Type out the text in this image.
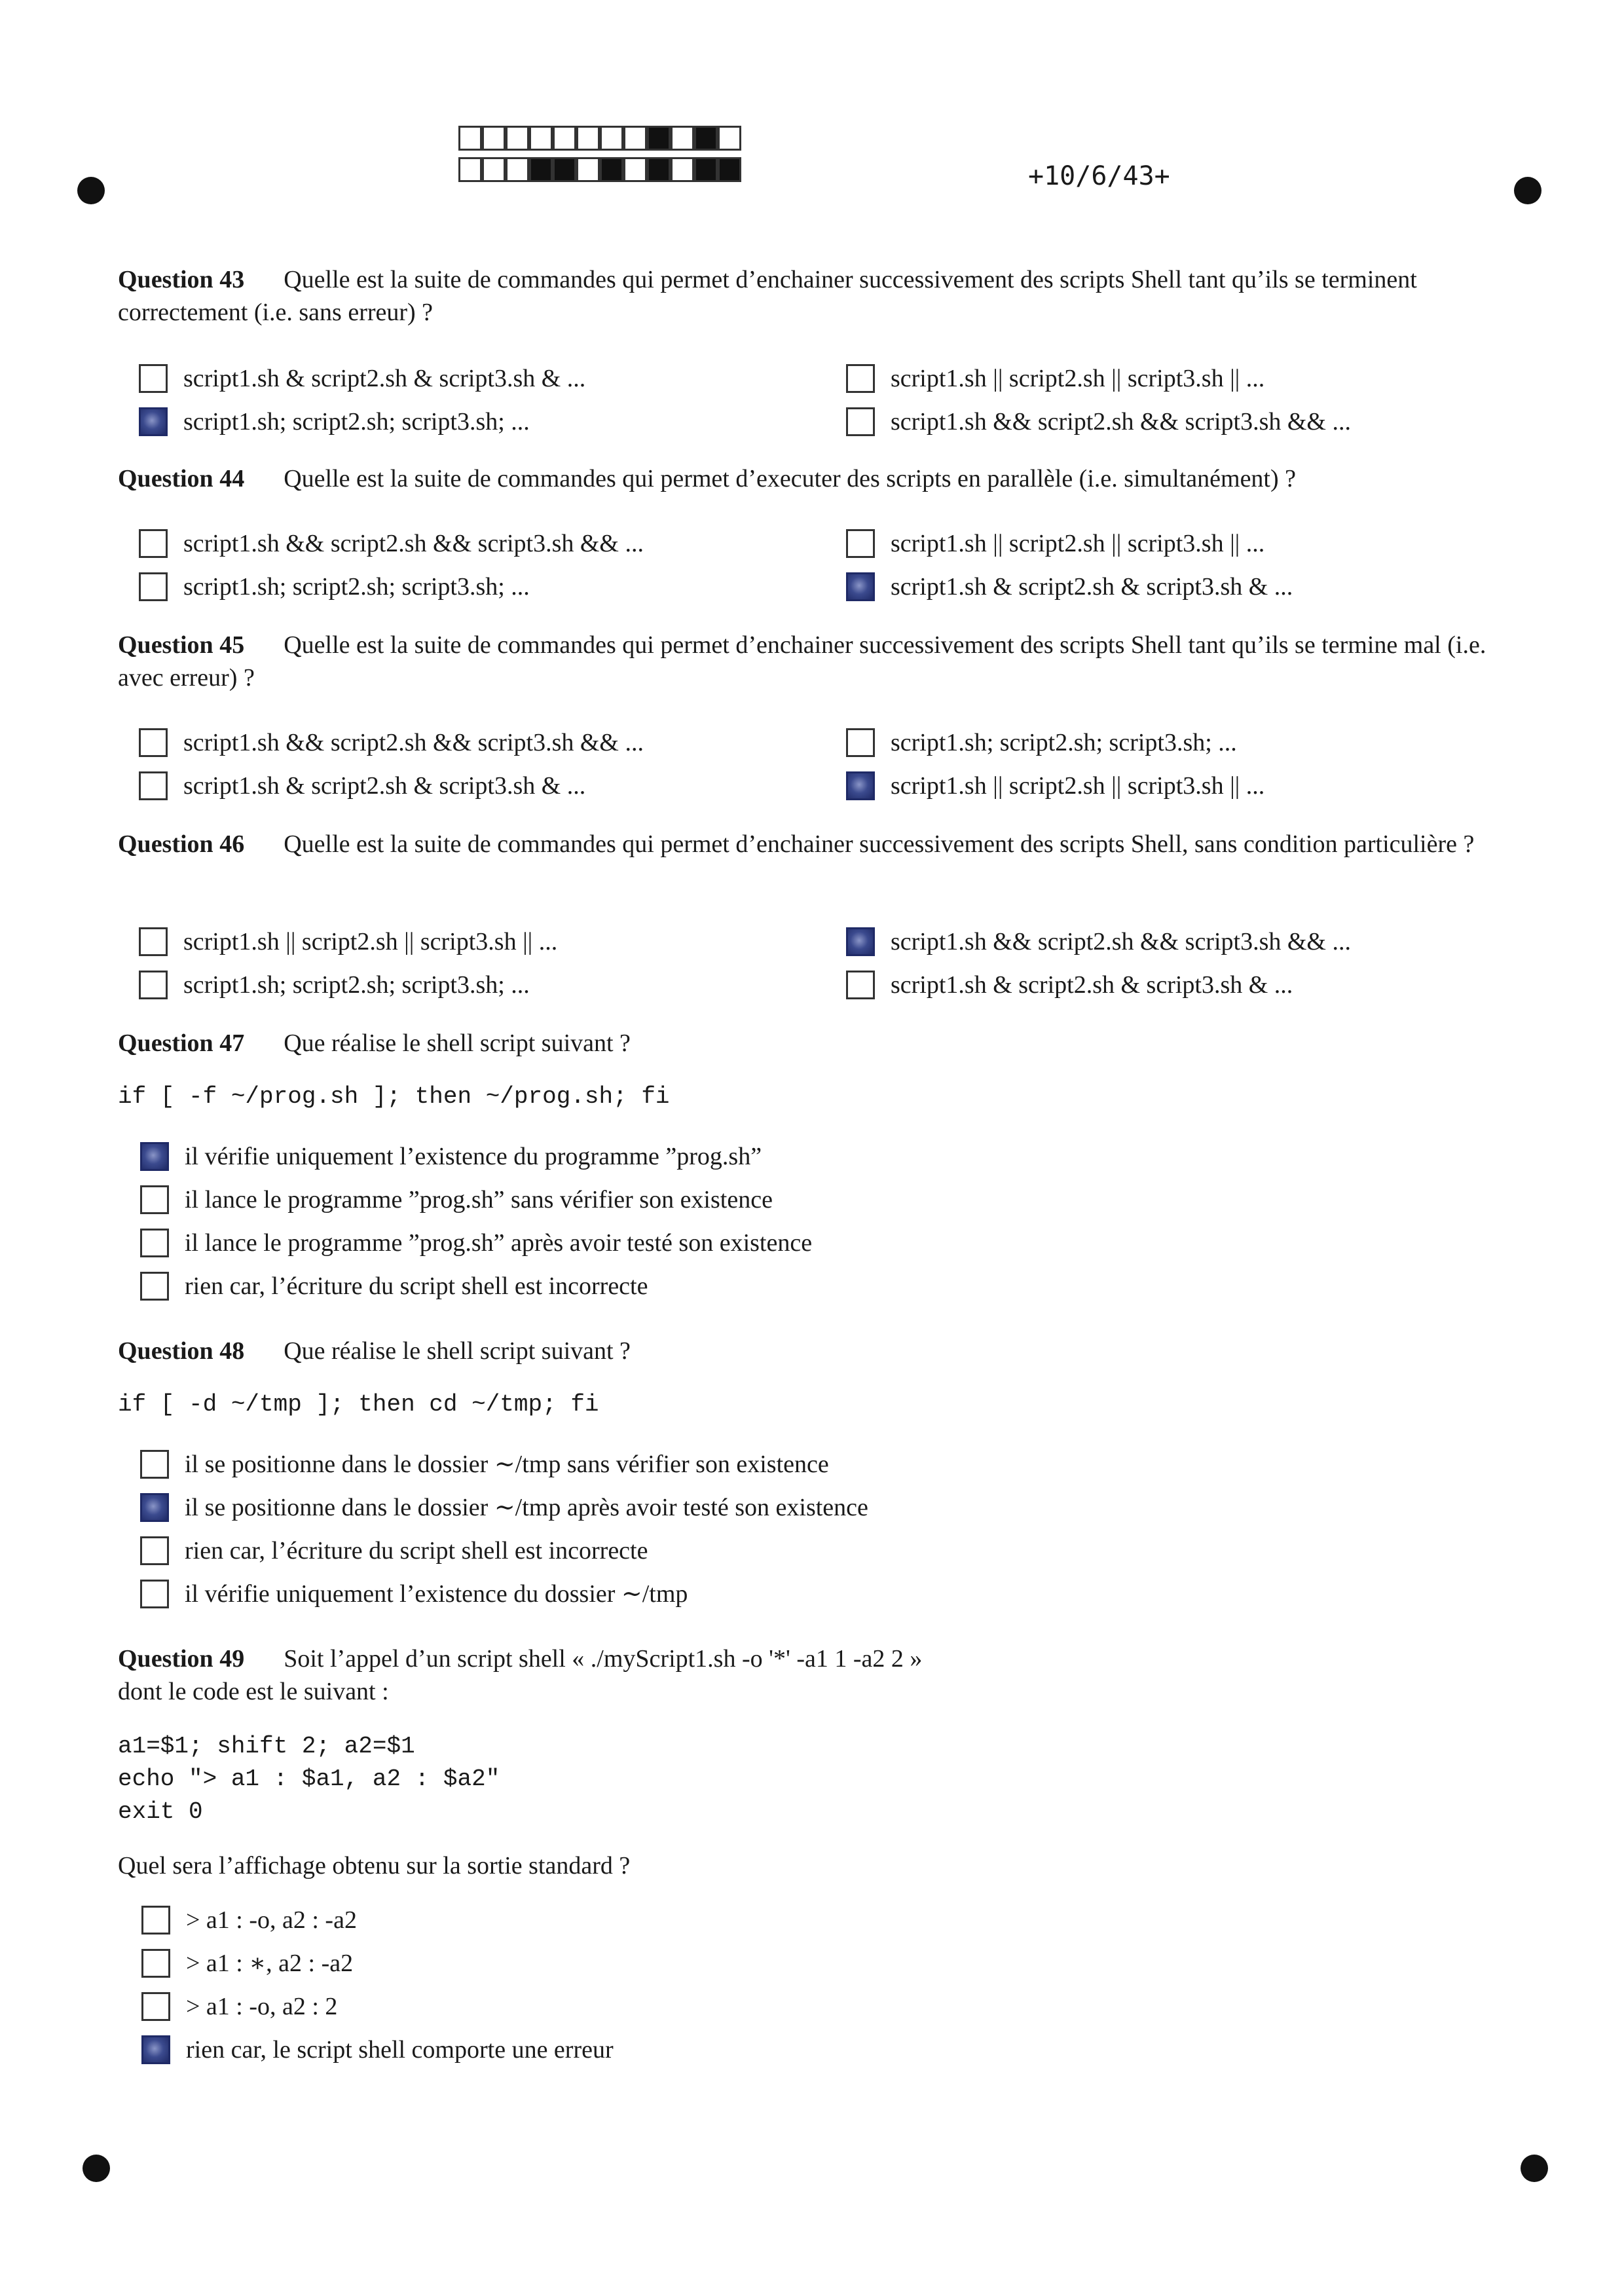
+10/6/43+
Question 43 Quelle est la suite de commandes qui permet d’enchainer successivement des scripts Shell tant qu’ils se terminent correctement (i.e. sans erreur) ?
script1.sh & script2.sh & script3.sh & ...
script1.sh; script2.sh; script3.sh; ...
script1.sh || script2.sh || script3.sh || ...
script1.sh && script2.sh && script3.sh && ...
Question 44 Quelle est la suite de commandes qui permet d’executer des scripts en parallèle (i.e. simultanément) ?
script1.sh && script2.sh && script3.sh && ...
script1.sh; script2.sh; script3.sh; ...
script1.sh || script2.sh || script3.sh || ...
script1.sh & script2.sh & script3.sh & ...
Question 45 Quelle est la suite de commandes qui permet d’enchainer successivement des scripts Shell tant qu’ils se termine mal (i.e. avec erreur) ?
script1.sh && script2.sh && script3.sh && ...
script1.sh & script2.sh & script3.sh & ...
script1.sh; script2.sh; script3.sh; ...
script1.sh || script2.sh || script3.sh || ...
Question 46 Quelle est la suite de commandes qui permet d’enchainer successivement des scripts Shell, sans condition particulière ?
script1.sh || script2.sh || script3.sh || ...
script1.sh; script2.sh; script3.sh; ...
script1.sh && script2.sh && script3.sh && ...
script1.sh & script2.sh & script3.sh & ...
Question 47 Que réalise le shell script suivant ?
if [ -f ~/prog.sh ]; then ~/prog.sh; fi
il vérifie uniquement l’existence du programme ”prog.sh”
il lance le programme ”prog.sh” sans vérifier son existence
il lance le programme ”prog.sh” après avoir testé son existence
rien car, l’écriture du script shell est incorrecte
Question 48 Que réalise le shell script suivant ?
if [ -d ~/tmp ]; then cd ~/tmp; fi
il se positionne dans le dossier ∼/tmp sans vérifier son existence
il se positionne dans le dossier ∼/tmp après avoir testé son existence
rien car, l’écriture du script shell est incorrecte
il vérifie uniquement l’existence du dossier ∼/tmp
Question 49 Soit l’appel d’un script shell « ./myScript1.sh -o '*' -a1 1 -a2 2 »
dont le code est le suivant :
a1=$1; shift 2; a2=$1
echo "> a1 : $a1, a2 : $a2"
exit 0
Quel sera l’affichage obtenu sur la sortie standard ?
> a1 : -o, a2 : -a2
> a1 : ∗, a2 : -a2
> a1 : -o, a2 : 2
rien car, le script shell comporte une erreur
